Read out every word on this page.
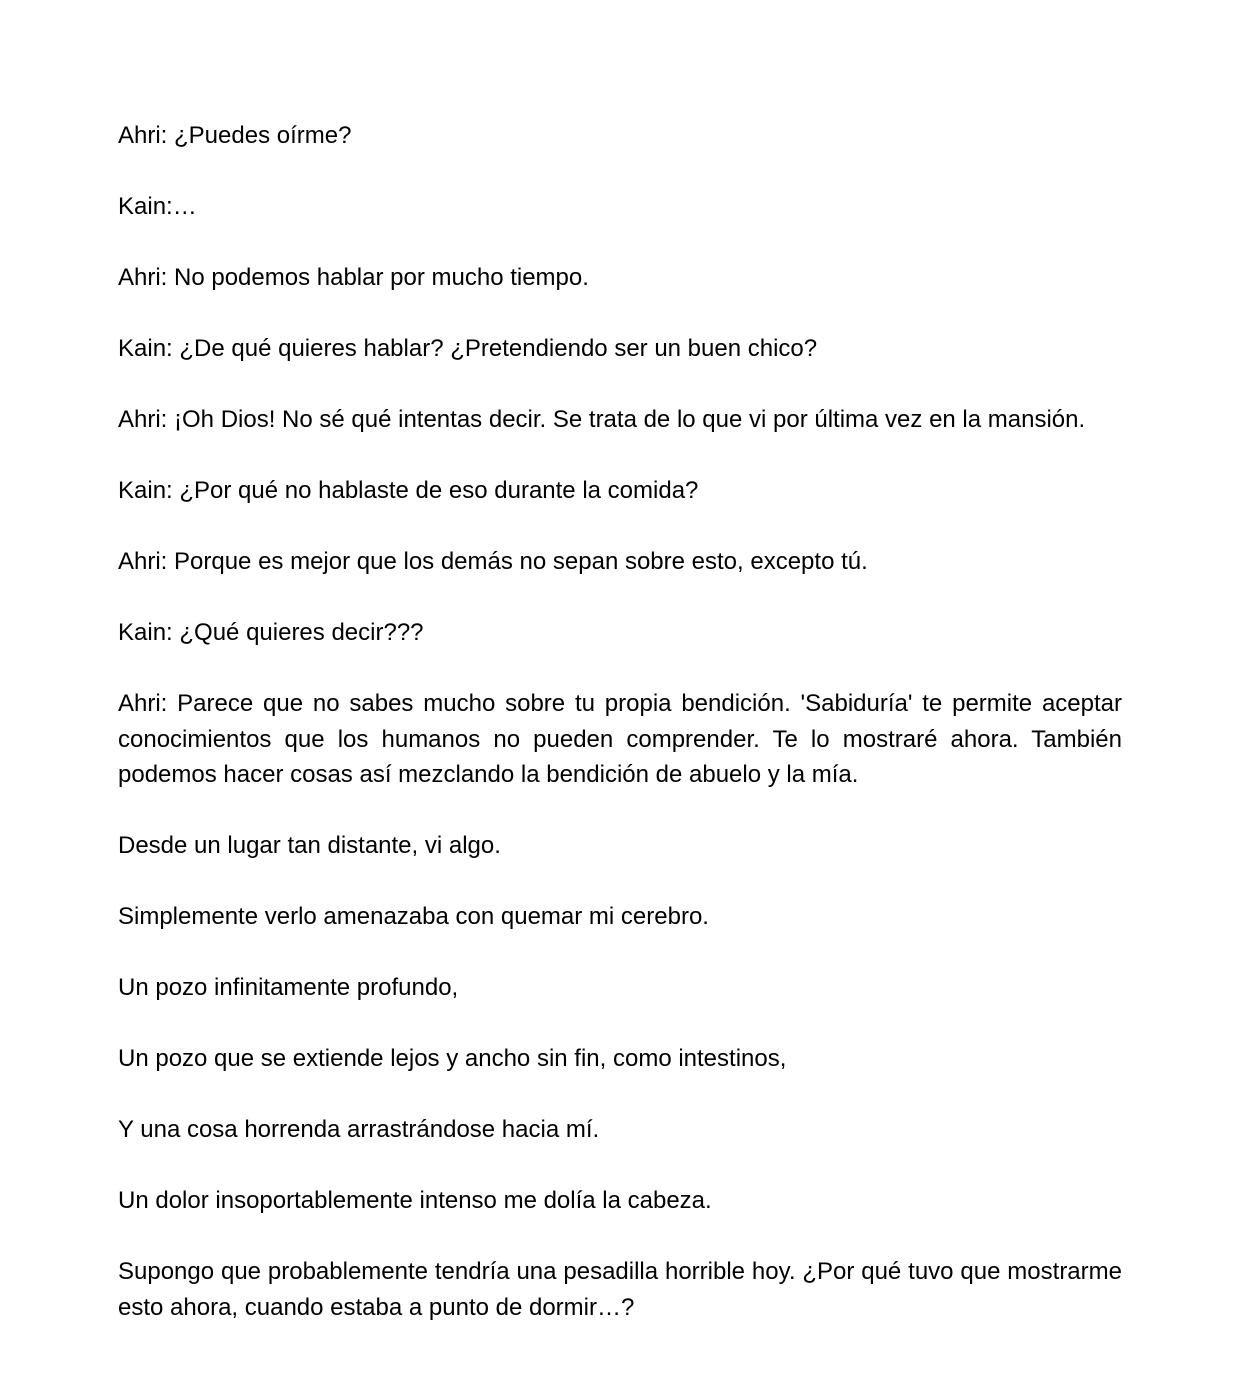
Ahri: ¿Puedes oírme?

Kain:…

Ahri: No podemos hablar por mucho tiempo.

Kain: ¿De qué quieres hablar? ¿Pretendiendo ser un buen chico?

Ahri: ¡Oh Dios! No sé qué intentas decir. Se trata de lo que vi por última vez en la mansión.

Kain: ¿Por qué no hablaste de eso durante la comida?

Ahri: Porque es mejor que los demás no sepan sobre esto, excepto tú.

Kain: ¿Qué quieres decir???

Ahri: Parece que no sabes mucho sobre tu propia bendición. 'Sabiduría' te permite aceptar conocimientos que los humanos no pueden comprender. Te lo mostraré ahora. También podemos hacer cosas así mezclando la bendición de abuelo y la mía.

Desde un lugar tan distante, vi algo.

Simplemente verlo amenazaba con quemar mi cerebro.

Un pozo infinitamente profundo,

Un pozo que se extiende lejos y ancho sin fin, como intestinos,

Y una cosa horrenda arrastrándose hacia mí.

Un dolor insoportablemente intenso me dolía la cabeza.

Supongo que probablemente tendría una pesadilla horrible hoy. ¿Por qué tuvo que mostrarme esto ahora, cuando estaba a punto de dormir…?
